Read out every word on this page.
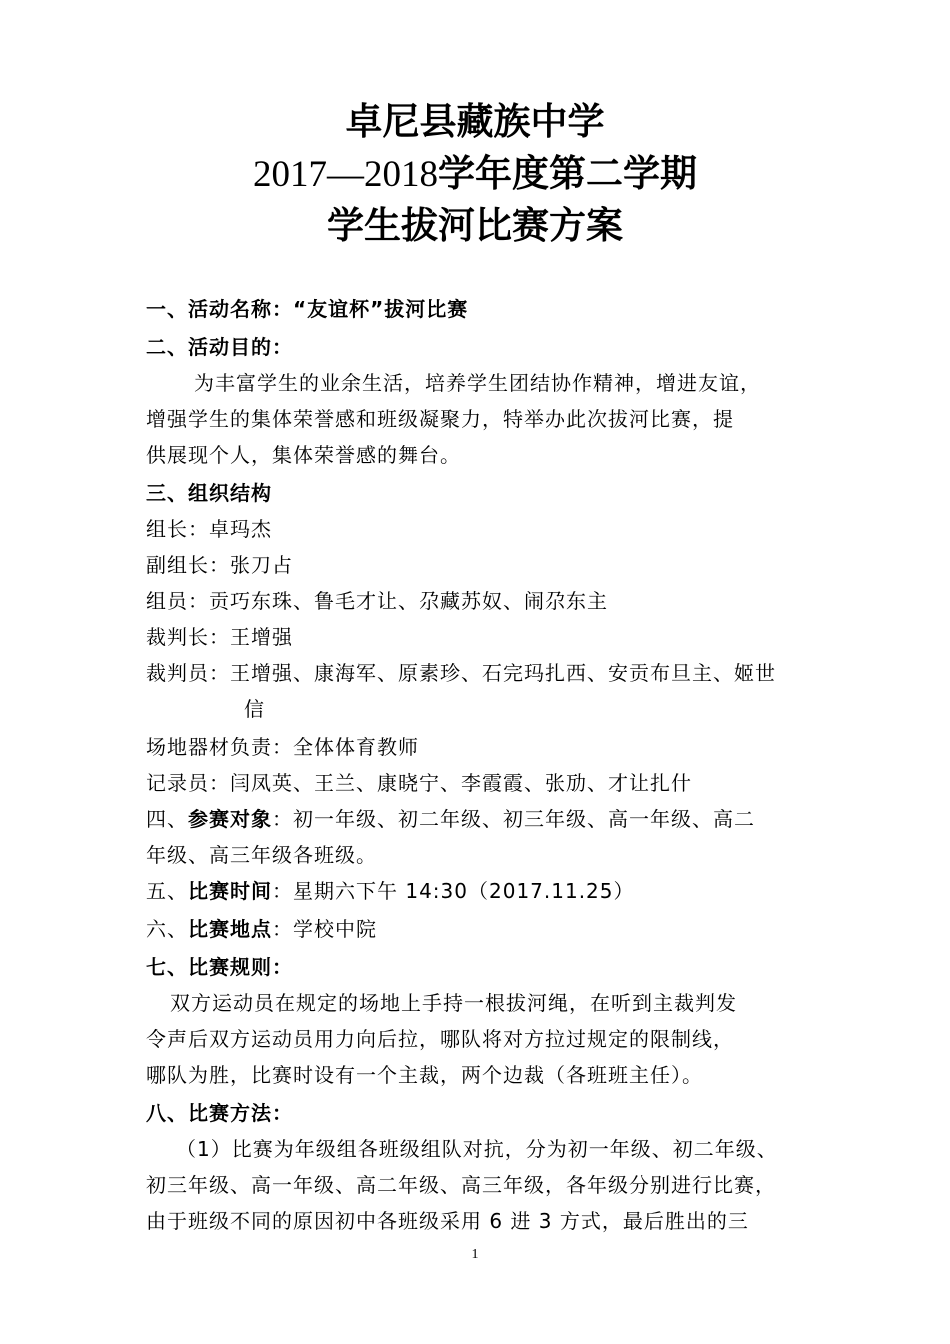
卓尼县藏族中学
2017—2018学年度第二学期
学生拔河比赛方案
一、活动名称：“友谊杯”拔河比赛
二、活动目的：
为丰富学生的业余生活，培养学生团结协作精神，增进友谊，
增强学生的集体荣誉感和班级凝聚力，特举办此次拔河比赛，提
供展现个人，集体荣誉感的舞台。
三、组织结构
组长：卓玛杰
副组长：张刀占
组员：贡巧东珠、鲁毛才让、尕藏苏奴、闹尕东主
裁判长：王增强
裁判员：王增强、康海军、原素珍、石完玛扎西、安贡布旦主、姬世
信
场地器材负责：全体体育教师
记录员：闫凤英、王兰、康晓宁、李霞霞、张劢、才让扎什
四、参赛对象：初一年级、初二年级、初三年级、高一年级、高二
年级、高三年级各班级。
五、比赛时间：星期六下午 14:30（2017.11.25）
六、比赛地点：学校中院
七、比赛规则：
双方运动员在规定的场地上手持一根拔河绳，在听到主裁判发
令声后双方运动员用力向后拉，哪队将对方拉过规定的限制线，
哪队为胜，比赛时设有一个主裁，两个边裁（各班班主任）。
八、比赛方法：
（1）比赛为年级组各班级组队对抗，分为初一年级、初二年级、
初三年级、高一年级、高二年级、高三年级，各年级分别进行比赛，
由于班级不同的原因初中各班级采用 6 进 3 方式，最后胜出的三
1
